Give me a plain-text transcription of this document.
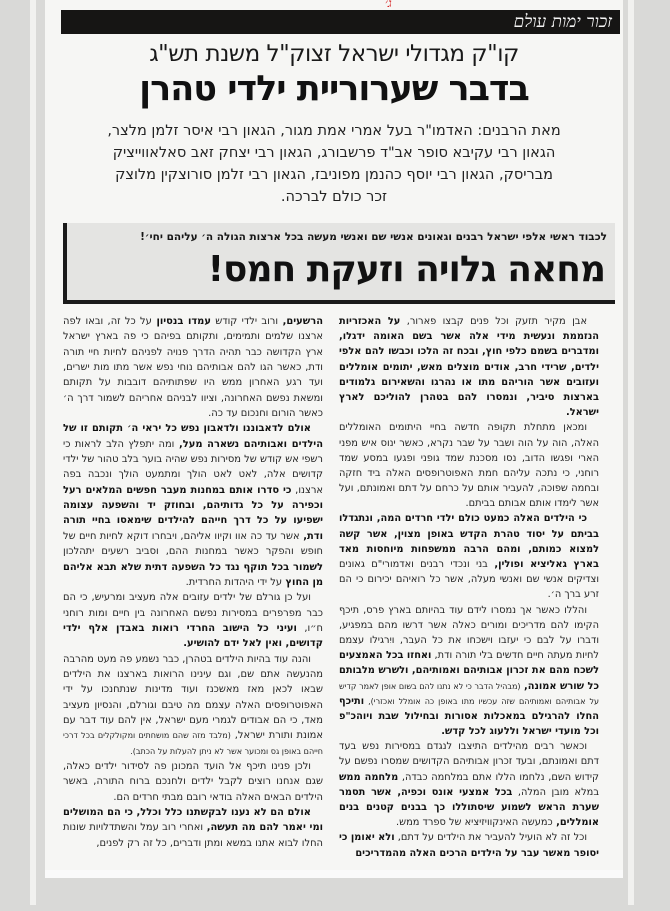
ג׳
זכור ימות עולם
קו"ק מגדולי ישראל זצוק"ל משנת תש"ג
בדבר שערוריית ילדי טהרן
מאת הרבנים: האדמו"ר בעל אמרי אמת מגור, הגאון רבי איסר זלמן מלצר,
הגאון רבי עקיבא סופר אב"ד פרשבורג, הגאון רבי יצחק זאב סאלאווייציק
מבריסק, הגאון רבי יוסף כהנמן מפוניבז, הגאון רבי זלמן סורוצקין מלוצק
זכר כולם לברכה.
לכבוד ראשי אלפי ישראל רבנים וגאונים אנשי שם ואנשי מעשה בכל ארצות הגולה ה׳ עליהם יחי׳!
מחאה גלויה וזעקת חמס!

אבן מקיר תזעק וכל פנים קבצו פארור, על האכזריות הנזממת ונעשית מידי אלה אשר בשם האומה ידגלו, ומדברים בשמם כלפי חוץ, ובכח זה הלכו וכבשו להם אלפי ילדים, שרידי חרב, אודים מוצלים מאש, יתומים אומללים ועזובים אשר הוריהם מתו או נהרגו והשאירום גלמודים בארצות סיביר, ונמסרו להם בטהרן להוליכם לארץ ישראל.

ומכאן מתחלת תקופה חדשה בחיי היתומים האומללים האלה, הוה על הוה ושבר על שבר נקרא, כאשר ינוס איש מפני הארי ופגשו הדוב, נסו מסכנת שמד גופני ופגעו במסע שמד רוחני, כי נתכה עליהם חמת האפוטרופסים האלה ביד חזקה ובחמה שפוכה, להעביר אותם על כרחם על דתם ואמונתם, ועל אשר לימדו אותם אבותם בביתם.

כי הילדים האלה כמעט כולם ילדי חרדים המה, ונתגדלו בביתם על יסוד טהרת הקדש באופן מצוין, אשר קשה למצוא כמותם, ומהם הרבה ממשפחות מיוחסות מאד בארץ גאליציא ופולין, בני ונכדי רבנים ואדמורי"ם גאונים וצדיקים אנשי שם ואנשי מעלה, אשר כל רואיהם יכירום כי הם זרע ברך ה׳.

והללו כאשר אך נמסרו לידם עוד בהיותם בארץ פרס, תיכף הקימו להם מדריכים ומורים כאלה אשר דרשו מהם במפגיע, ודברו על לבם כי יעזבו וישכחו את כל העבר, ויִרגילו עצמם לחיות מעתה חיים חדשים בלי תורה ודת, ואחזו בכל האמצעים לשכח מהם את זכרון אבותיהם ואמותיהם, ולשרש מלבותם כל שורש אמונה, (מבהיל הדבר כי לא נתנו להם בשום אופן לאמר קדיש על אבותיהם ואמותיהם שזה עכשיו מתו באופן כה אומלל ואכזרי), ותיכף החלו להרגילם במאכלות אסורות ובחילול שבת ויוהכ"פ וכל מועדי ישראל וללעוג לכל קדש.

וכאשר רבים מהילדים התיצבו לנגדם במסירות נפש בעד דתם ואמונתם, ובעד זכרון אבותיהם הקדושים שמסרו נפשם על קידוש השם, נלחמו הללו אתם במלחמה כבדה, מלחמה ממש במלא מובן המלה, בכל אמצעי אונס וכפיה, אשר תסמר שערת הראש לשמוע שיסתוללו כך בבנים קטנים בנים אומללים, כמעשה האינקוויזיציא של ספרד ממש.

וכל זה לא הועיל להעביר את הילדים על דתם, ולא יאומן כי יסופר מאשר עבר על הילדים הרכים האלה מהמדריכים

הרשעים, ורוב ילדי קודש עמדו בנסיון על כל זה, ובאו לפה ארצנו שלמים ותמימים, ותקותם בפיהם כי פה בארץ ישראל ארץ הקדושה כבר תהיה הדרך פנויה לפניהם לחיות חיי תורה ודת, כאשר הגו להם אבותיהם נוחי נפש אשר מתו מות ישרים, ועד רגע האחרון ממש היו שפתותיהם דובבות על תקותם ומשאת נפשם האחרונה, וציוו לבניהם אחריהם לשמור דרך ה׳ כאשר הורום וחנכום עד כה.

אולם לדאבוננו ולדאבון נפש כל יראי ה׳ תקותם זו של הילדים ואבותיהם נשארה מעל, ומה יתפלץ הלב לראות כי רשפי אש קודש של מסירות נפש שהיה בוער בלב טהור של ילדי קדושים אלה, לאט לאט הולך ומתמעט הולך ונכבה בפה ארצנו, כי סדרו אותם במחנות מעבר חפשים המלאים רעל וכפירה על כל גדותיהם, ובחוזק יד והשפעה עצומה ישפיעו על כל דרך חייהם להילדים שימאסו בחיי תורה ודת, אשר עד כה אוו וקיוו אליהם, ויבחרו דוקא לחיות חיים של חופש והפקר כאשר במחנות ההם, וסביב רשעים יתהלכון לשמור בכל תוקף נגד כל השפעה דתית שלא תבא אליהם מן החוץ על ידי היהדות החרדית.

ועל כן גורלם של ילדים עזובים אלה מעציב ומרעיש, כי הם כבר מפרפרים במסירות נפשם האחרונה בין חיים ומות רוחני ח״ו, ועיני כל הישוב החרדי רואות באבדן אלף ילדי קדושים, ואין לאל ידם להושיע.

והנה עוד בהיות הילדים בטהרן, כבר נשמע פה מעט מהרבה מהנעשה אתם שם, וגם עינינו הרואות בארצנו את הילדים שבאו לכאן מאז מאשכנז ועוד מדינות שנתחנכו על ידי האפוטרופסים האלה עצמם מה טיבם וגורלם, והנסיון מעציב מאד, כי הם אבודים לגמרי מעם ישראל, אין להם עוד דבר עם אמונת ותורת ישראל, (מלבד מזה שהם מושחתים ומקולקלים בכל דרכי חייהם באופן גס ומכוער אשר לא ניתן להעלות על הכתב).

ולכן פנינו תיכף אל הועד המכונן פה לסידור ילדים כאלה, שגם אנחנו רוצים לקבל ילדים ולחנכם ברוח התורה, באשר הילדים הבאים האלה בודאי רובם מבתי חרדים הם.

אולם הם לא נענו לבקשתנו כלל וכלל, כי הם המושלים ומי יאמר להם מה תעשה, ואחרי רוב עמל והשתדלויות שונות החלו לבוא אתנו במשא ומתן ודברים, כל זה רק לפנים,
